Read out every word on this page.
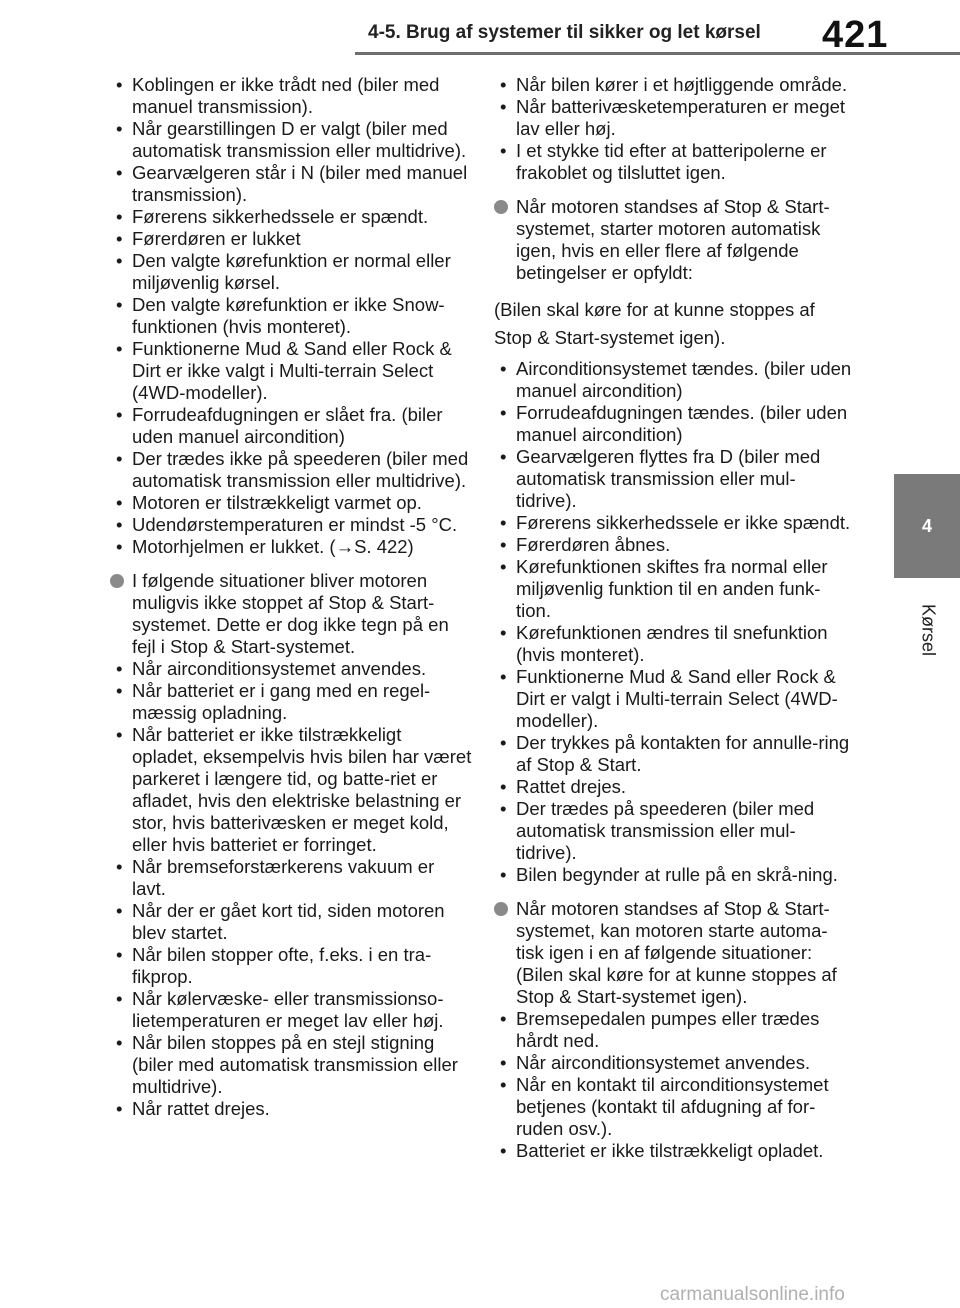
4-5. Brug af systemer til sikker og let kørsel 421
4
Kørsel
• Koblingen er ikke trådt ned (biler med manuel transmission).
• Når gearstillingen D er valgt (biler med automatisk transmission eller multidrive).
• Gearvælgeren står i N (biler med manuel transmission).
• Førerens sikkerhedssele er spændt.
• Førerdøren er lukket
• Den valgte kørefunktion er normal eller miljøvenlig kørsel.
• Den valgte kørefunktion er ikke Snow-funktionen (hvis monteret).
• Funktionerne Mud & Sand eller Rock & Dirt er ikke valgt i Multi-terrain Select (4WD-modeller).
• Forrudeafdugningen er slået fra. (biler uden manuel aircondition)
• Der trædes ikke på speederen (biler med automatisk transmission eller multidrive).
• Motoren er tilstrækkeligt varmet op.
• Udendørstemperaturen er mindst -5 °C.
• Motorhjelmen er lukket. (→S. 422)
I følgende situationer bliver motoren muligvis ikke stoppet af Stop & Start-systemet. Dette er dog ikke tegn på en fejl i Stop & Start-systemet.
• Når airconditionsystemet anvendes.
• Når batteriet er i gang med en regel-mæssig opladning.
• Når batteriet er ikke tilstrækkeligt opladet, eksempelvis hvis bilen har været parkeret i længere tid, og batte-riet er afladet, hvis den elektriske belastning er stor, hvis batterivæsken er meget kold, eller hvis batteriet er forringet.
• Når bremseforstærkerens vakuum er lavt.
• Når der er gået kort tid, siden motoren blev startet.
• Når bilen stopper ofte, f.eks. i en tra-fikprop.
• Når kølervæske- eller transmissionso-lietemperaturen er meget lav eller høj.
• Når bilen stoppes på en stejl stigning (biler med automatisk transmission eller multidrive).
• Når rattet drejes.
• Når bilen kører i et højtliggende område.
• Når batterivæsketemperaturen er meget lav eller høj.
• I et stykke tid efter at batteripolerne er frakoblet og tilsluttet igen.
Når motoren standses af Stop & Start-systemet, starter motoren automatisk igen, hvis en eller flere af følgende betingelser er opfyldt:
(Bilen skal køre for at kunne stoppes af Stop & Start-systemet igen).
• Airconditionsystemet tændes. (biler uden manuel aircondition)
• Forrudeafdugningen tændes. (biler uden manuel aircondition)
• Gearvælgeren flyttes fra D (biler med automatisk transmission eller mul-tidrive).
• Førerens sikkerhedssele er ikke spændt.
• Førerdøren åbnes.
• Kørefunktionen skiftes fra normal eller miljøvenlig funktion til en anden funk-tion.
• Kørefunktionen ændres til snefunktion (hvis monteret).
• Funktionerne Mud & Sand eller Rock & Dirt er valgt i Multi-terrain Select (4WD-modeller).
• Der trykkes på kontakten for annulle-ring af Stop & Start.
• Rattet drejes.
• Der trædes på speederen (biler med automatisk transmission eller mul-tidrive).
• Bilen begynder at rulle på en skrå-ning.
Når motoren standses af Stop & Start-systemet, kan motoren starte automa-tisk igen i en af følgende situationer: (Bilen skal køre for at kunne stoppes af Stop & Start-systemet igen).
• Bremsepedalen pumpes eller trædes hårdt ned.
• Når airconditionsystemet anvendes.
• Når en kontakt til airconditionsystemet betjenes (kontakt til afdugning af for-ruden osv.).
• Batteriet er ikke tilstrækkeligt opladet.
carmanualsonline.info
